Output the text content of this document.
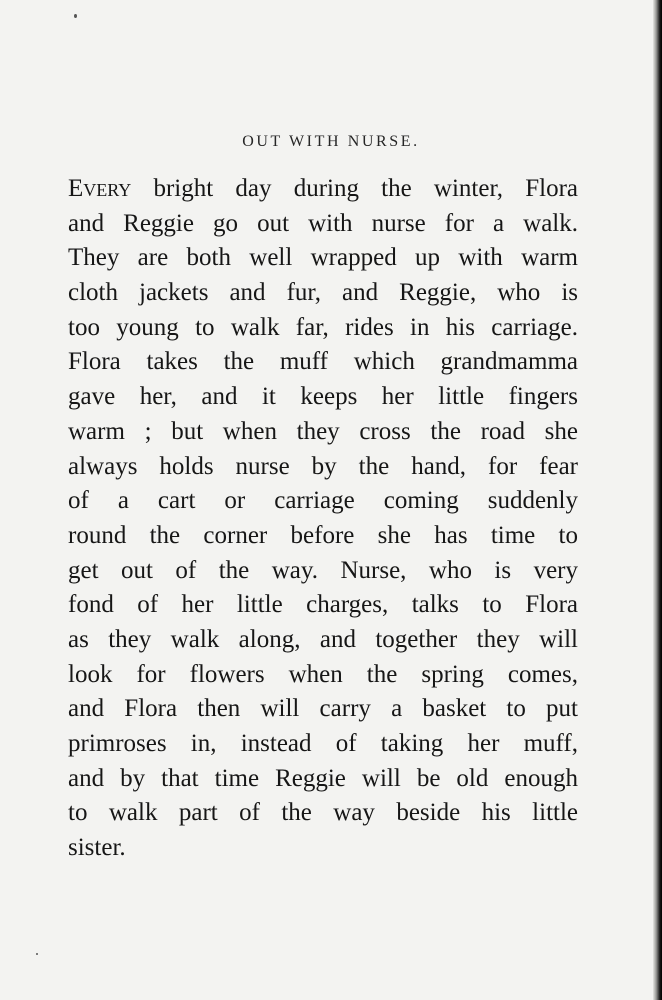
OUT WITH NURSE.
Every bright day during the winter, Flora
and Reggie go out with nurse for a walk.
They are both well wrapped up with warm
cloth jackets and fur, and Reggie, who is
too young to walk far, rides in his carriage.
Flora takes the muff which grandmamma
gave her, and it keeps her little fingers
warm ; but when they cross the road she
always holds nurse by the hand, for fear
of a cart or carriage coming suddenly
round the corner before she has time to
get out of the way. Nurse, who is very
fond of her little charges, talks to Flora
as they walk along, and together they will
look for flowers when the spring comes,
and Flora then will carry a basket to put
primroses in, instead of taking her muff,
and by that time Reggie will be old enough
to walk part of the way beside his little
sister.
